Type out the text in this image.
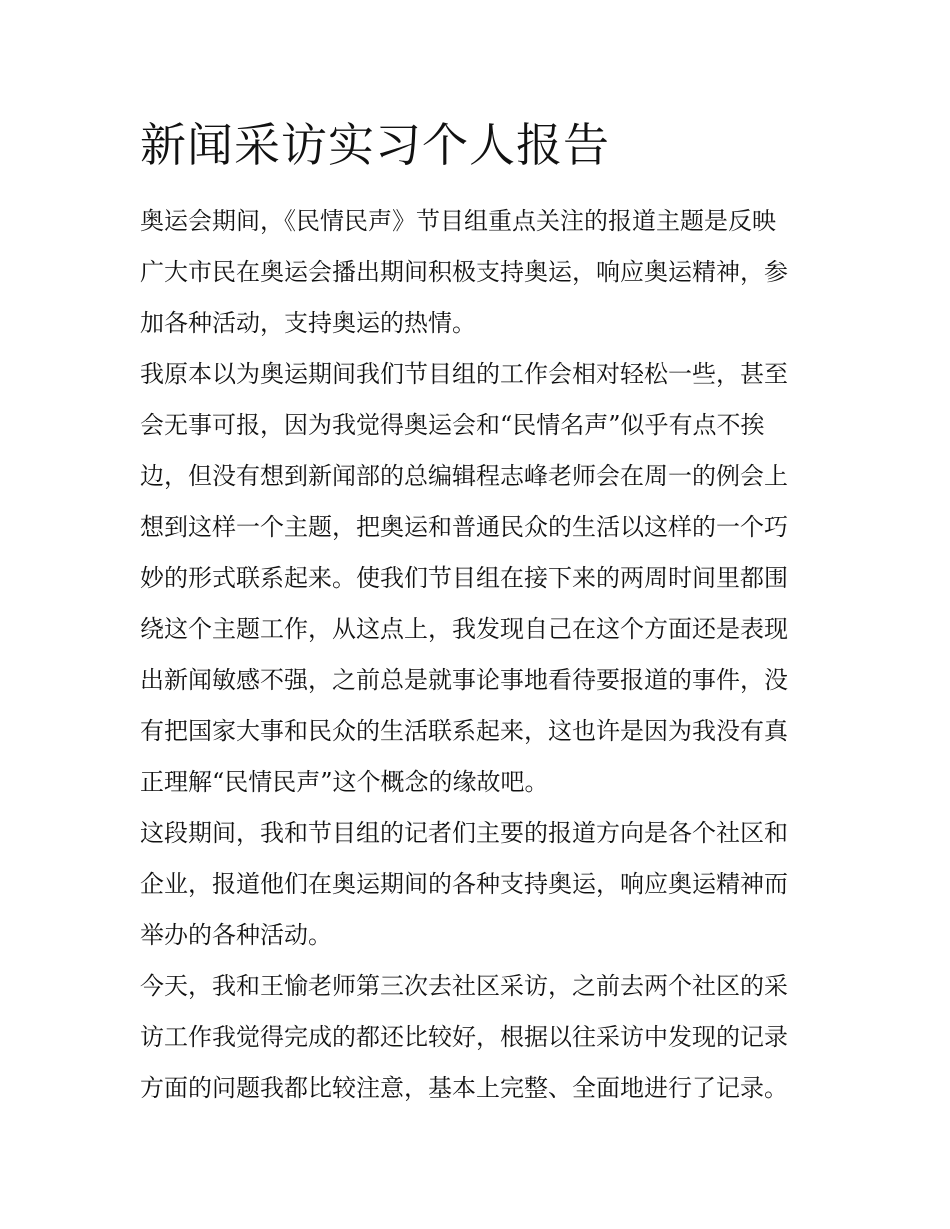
新闻采访实习个人报告

奥运会期间，《民情民声》节目组重点关注的报道主题是反映
广大市民在奥运会播出期间积极支持奥运，响应奥运精神，参
加各种活动，支持奥运的热情。

我原本以为奥运期间我们节目组的工作会相对轻松一些，甚至
会无事可报，因为我觉得奥运会和“民情名声”似乎有点不挨
边，但没有想到新闻部的总编辑程志峰老师会在周一的例会上
想到这样一个主题，把奥运和普通民众的生活以这样的一个巧
妙的形式联系起来。使我们节目组在接下来的两周时间里都围
绕这个主题工作，从这点上，我发现自己在这个方面还是表现
出新闻敏感不强，之前总是就事论事地看待要报道的事件，没
有把国家大事和民众的生活联系起来，这也许是因为我没有真
正理解“民情民声”这个概念的缘故吧。

这段期间，我和节目组的记者们主要的报道方向是各个社区和
企业，报道他们在奥运期间的各种支持奥运，响应奥运精神而
举办的各种活动。

今天，我和王愉老师第三次去社区采访，之前去两个社区的采
访工作我觉得完成的都还比较好，根据以往采访中发现的记录
方面的问题我都比较注意，基本上完整、全面地进行了记录。
